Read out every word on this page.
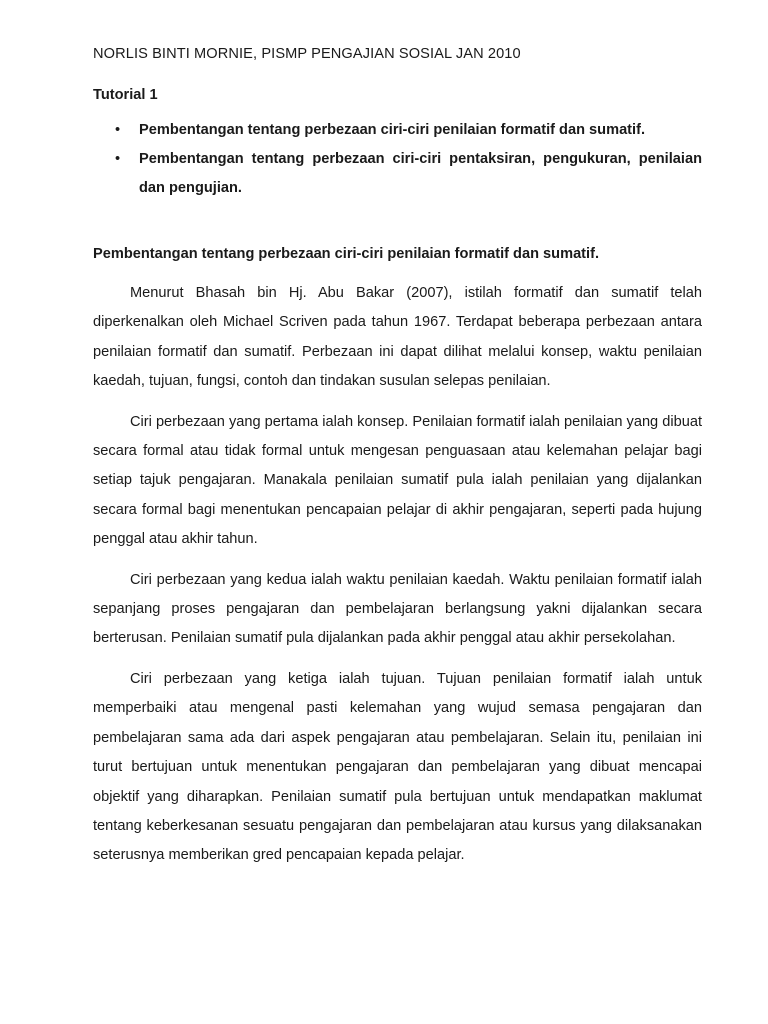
NORLIS BINTI MORNIE, PISMP PENGAJIAN SOSIAL JAN 2010

Tutorial 1

• Pembentangan tentang perbezaan ciri-ciri penilaian formatif dan sumatif.
• Pembentangan tentang perbezaan ciri-ciri pentaksiran, pengukuran, penilaian dan pengujian.

Pembentangan tentang perbezaan ciri-ciri penilaian formatif dan sumatif.

Menurut Bhasah bin Hj. Abu Bakar (2007), istilah formatif dan sumatif telah diperkenalkan oleh Michael Scriven pada tahun 1967. Terdapat beberapa perbezaan antara penilaian formatif dan sumatif. Perbezaan ini dapat dilihat melalui konsep, waktu penilaian kaedah, tujuan, fungsi, contoh dan tindakan susulan selepas penilaian.

Ciri perbezaan yang pertama ialah konsep. Penilaian formatif ialah penilaian yang dibuat secara formal atau tidak formal untuk mengesan penguasaan atau kelemahan pelajar bagi setiap tajuk pengajaran. Manakala penilaian sumatif pula ialah penilaian yang dijalankan secara formal bagi menentukan pencapaian pelajar di akhir pengajaran, seperti pada hujung penggal atau akhir tahun.

Ciri perbezaan yang kedua ialah waktu penilaian kaedah. Waktu penilaian formatif ialah sepanjang proses pengajaran dan pembelajaran berlangsung yakni dijalankan secara berterusan. Penilaian sumatif pula dijalankan pada akhir penggal atau akhir persekolahan.

Ciri perbezaan yang ketiga ialah tujuan. Tujuan penilaian formatif ialah untuk memperbaiki atau mengenal pasti kelemahan yang wujud semasa pengajaran dan pembelajaran sama ada dari aspek pengajaran atau pembelajaran. Selain itu, penilaian ini turut bertujuan untuk menentukan pengajaran dan pembelajaran yang dibuat mencapai objektif yang diharapkan. Penilaian sumatif pula bertujuan untuk mendapatkan maklumat tentang keberkesanan sesuatu pengajaran dan pembelajaran atau kursus yang dilaksanakan seterusnya memberikan gred pencapaian kepada pelajar.
